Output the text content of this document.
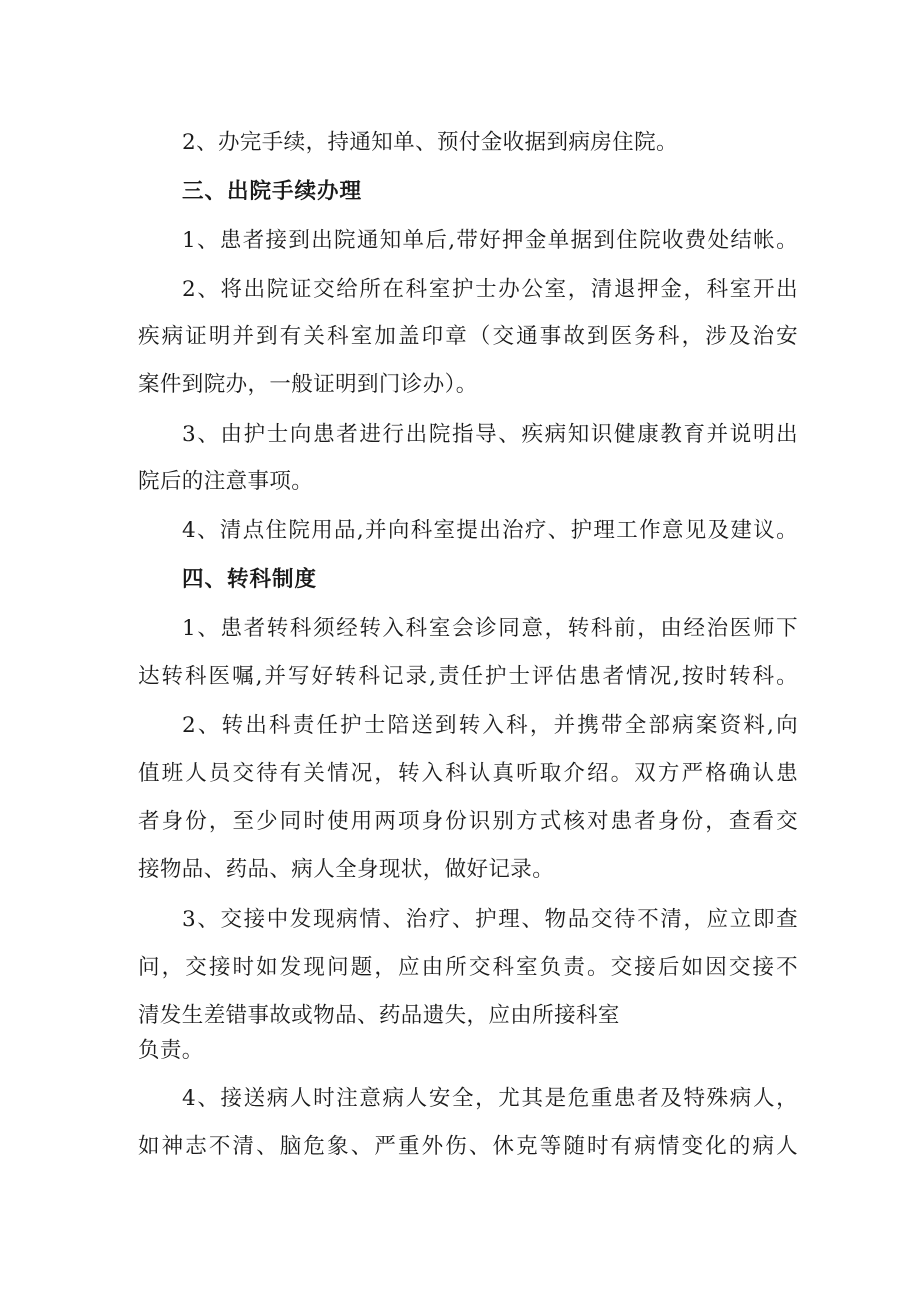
2、办完手续，持通知单、预付金收据到病房住院。
三、出院手续办理
1、患者接到出院通知单后,带好押金单据到住院收费处结帐。
2、将出院证交给所在科室护士办公室，清退押金，科室开出
疾病证明并到有关科室加盖印章（交通事故到医务科，涉及治安
案件到院办，一般证明到门诊办）。
3、由护士向患者进行出院指导、疾病知识健康教育并说明出
院后的注意事项。
4、清点住院用品,并向科室提出治疗、护理工作意见及建议。
四、转科制度
1、患者转科须经转入科室会诊同意，转科前，由经治医师下
达转科医嘱,并写好转科记录,责任护士评估患者情况,按时转科。
2、转出科责任护士陪送到转入科，并携带全部病案资料,向
值班人员交待有关情况，转入科认真听取介绍。双方严格确认患
者身份，至少同时使用两项身份识别方式核对患者身份，查看交
接物品、药品、病人全身现状，做好记录。
3、交接中发现病情、治疗、护理、物品交待不清，应立即查
问，交接时如发现问题，应由所交科室负责。交接后如因交接不
清发生差错事故或物品、药品遗失，应由所接科室
负责。
4、接送病人时注意病人安全，尤其是危重患者及特殊病人，
如神志不清、脑危象、严重外伤、休克等随时有病情变化的病人
